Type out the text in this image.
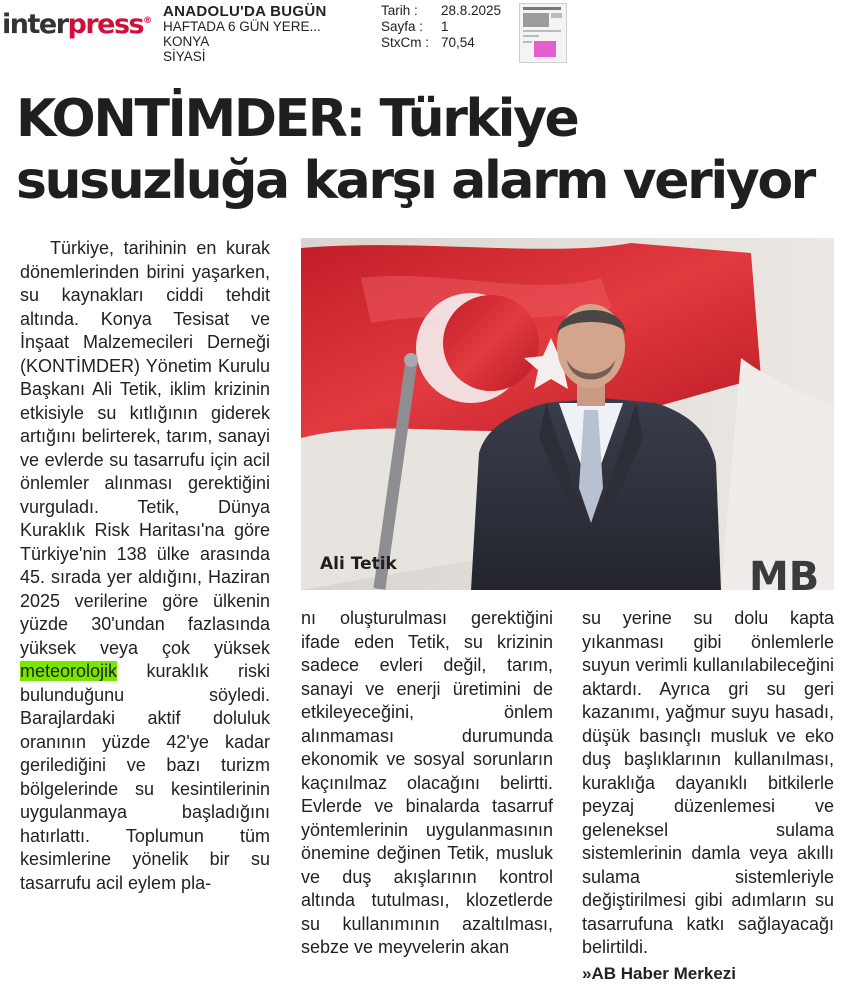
interpress®
ANADOLU'DA BUGÜN
HAFTADA 6 GÜN YERE...
KONYA
SİYASİ
Tarih :	28.8.2025
Sayfa :	1
StxCm : 70,54
KONTİMDER: Türkiye
susuzluğa karşı alarm veriyor
Türkiye, tarihinin en kurak dönemlerinden birini yaşarken, su kaynakları ciddi tehdit altında. Konya Tesisat ve İnşaat Malzemecileri Derneği (KONTİMDER) Yönetim Kurulu Başkanı Ali Tetik, iklim krizinin etkisiyle su kıtlığının giderek artığını belirterek, tarım, sanayi ve evlerde su tasarrufu için acil önlemler alınması gerektiğini vurguladı. Tetik, Dünya Kuraklık Risk Haritası'na göre Türkiye'nin 138 ülke arasında 45. sırada yer aldığını, Haziran 2025 verilerine göre ülkenin yüzde 30'undan fazlasında yüksek veya çok yüksek meteorolojik kuraklık riski bulunduğunu söyledi. Barajlardaki aktif doluluk oranının yüzde 42'ye kadar gerilediğini ve bazı turizm bölgelerinde su kesintilerinin uygulanmaya başladığını hatırlattı. Toplumun tüm kesimlerine yönelik bir su tasarrufu acil eylem pla-
MB
Ali Tetik
nı oluşturulması gerektiğini ifade eden Tetik, su krizinin sadece evleri değil, tarım, sanayi ve enerji üretimini de etkileyeceğini, önlem alınmaması durumunda ekonomik ve sosyal sorunların kaçınılmaz olacağını belirtti. Evlerde ve binalarda tasarruf yöntemlerinin uygulanmasının önemine değinen Tetik, musluk ve duş akışlarının kontrol altında tutulması, klozetlerde su kullanımının azaltılması, sebze ve meyvelerin akan
su yerine su dolu kapta yıkanması gibi önlemlerle suyun verimli kullanılabileceğini aktardı. Ayrıca gri su geri kazanımı, yağmur suyu hasadı, düşük basınçlı musluk ve eko duş başlıklarının kullanılması, kuraklığa dayanıklı bitkilerle peyzaj düzenlemesi ve geleneksel sulama sistemlerinin damla veya akıllı sulama sistemleriyle değiştirilmesi gibi adımların su tasarrufuna katkı sağlayacağı belirtildi.
»AB Haber Merkezi
